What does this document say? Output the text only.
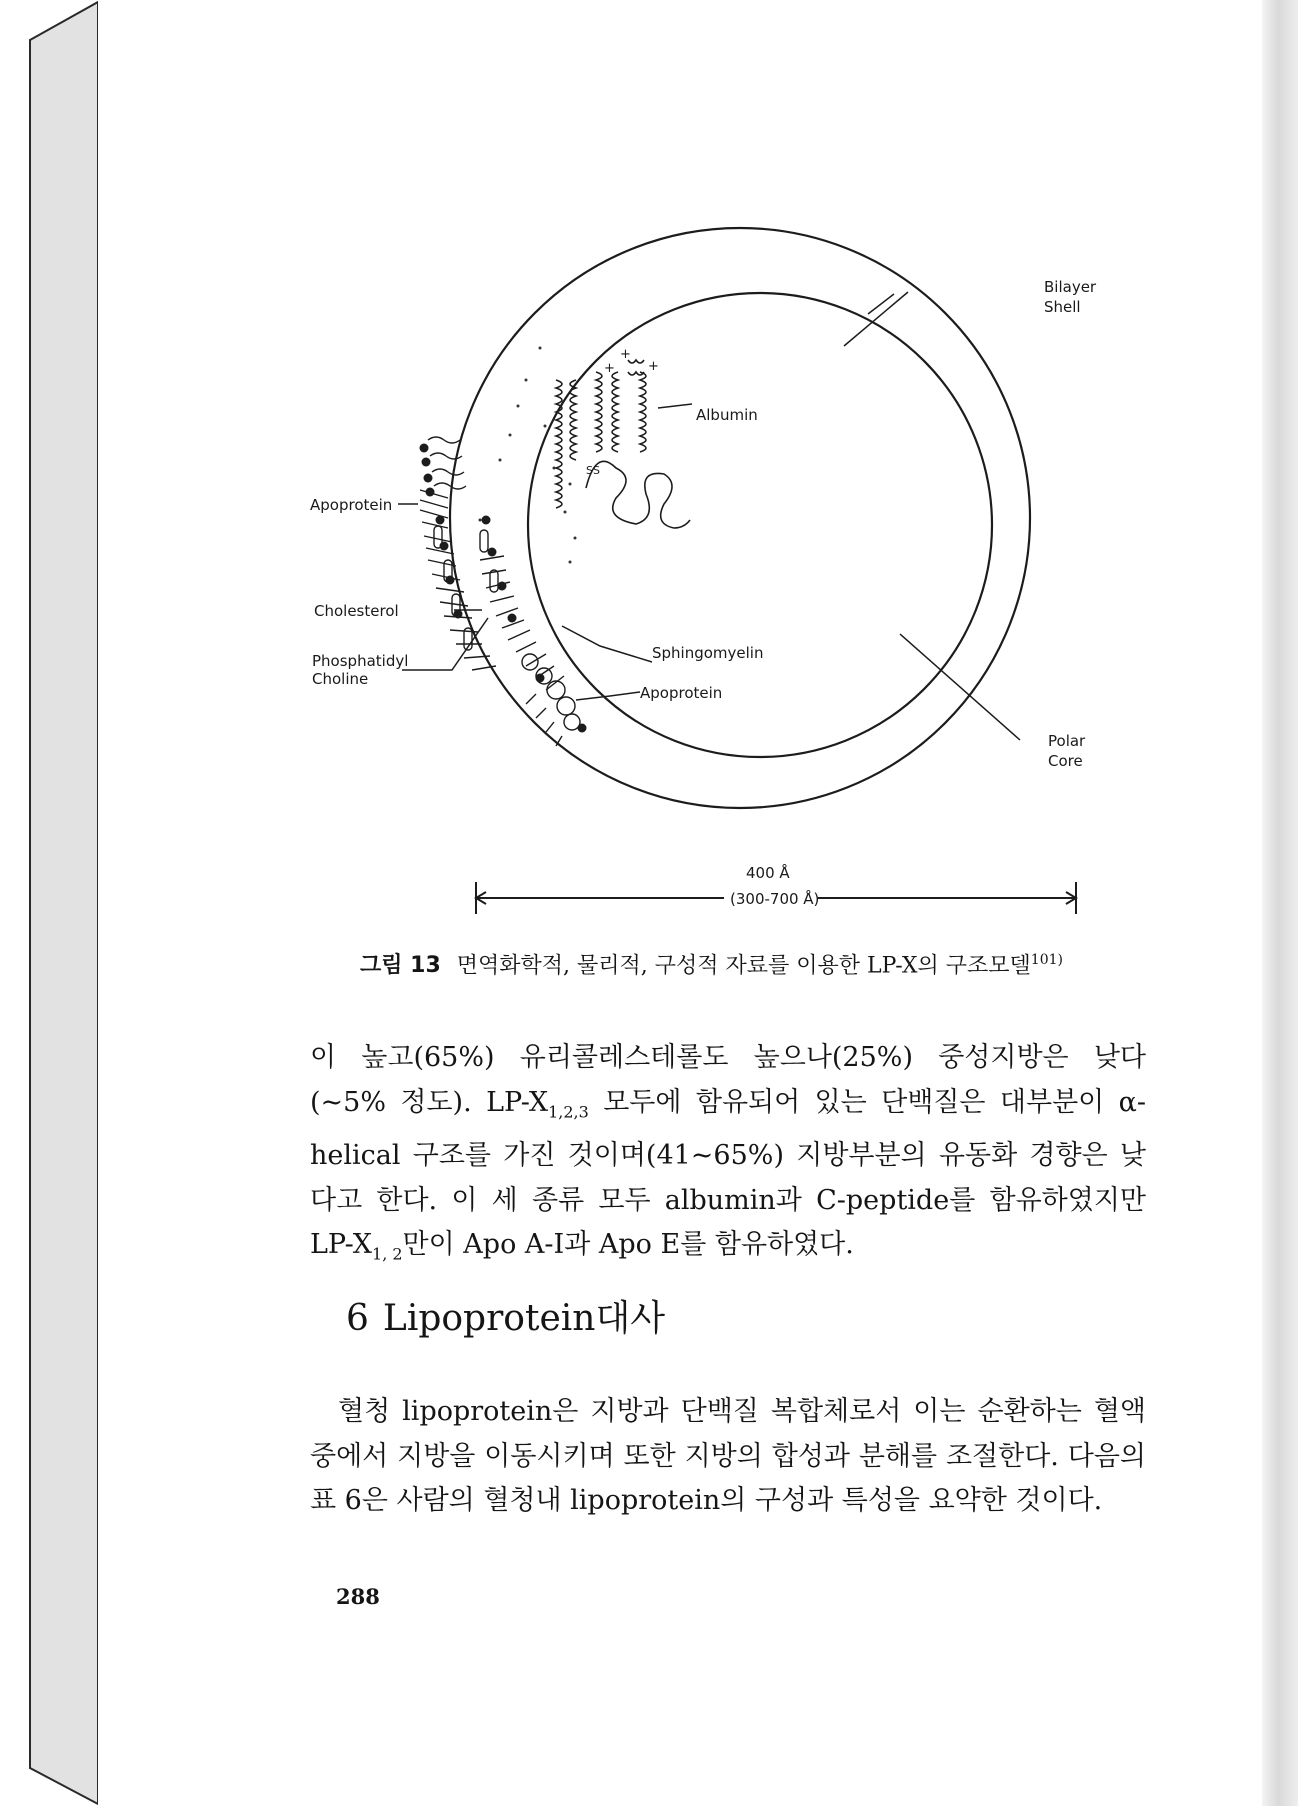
+
+
+
SS
Albumin
Apoprotein
Cholesterol
Phosphatidyl
Choline
Sphingomyelin
Apoprotein
Bilayer
Shell
Polar
Core
400 Å
(300-700 Å)
그림 13 면역화학적, 물리적, 구성적 자료를 이용한 LP-X의 구조모델$^{101)}$

이 높고(65%) 유리콜레스테롤도 높으나(25%) 중성지방은 낮다 (~5% 정도). $LP-X_{1,2,3}$ 모두에 함유되어 있는 단백질은 대부분이 α-helical 구조를 가진 것이며(41~65%) 지방부분의 유동화 경향은 낮다고 한다. 이 세 종류 모두 albumin과 C-peptide를 함유하였지만 $LP-X_{1, 2}$만이 Apo A-Ⅰ과 Apo E를 함유하였다.

6 Lipoprotein대사

혈청 lipoprotein은 지방과 단백질 복합체로서 이는 순환하는 혈액 중에서 지방을 이동시키며 또한 지방의 합성과 분해를 조절한다. 다음의 표 6은 사람의 혈청내 lipoprotein의 구성과 특성을 요약한 것이다.

288
